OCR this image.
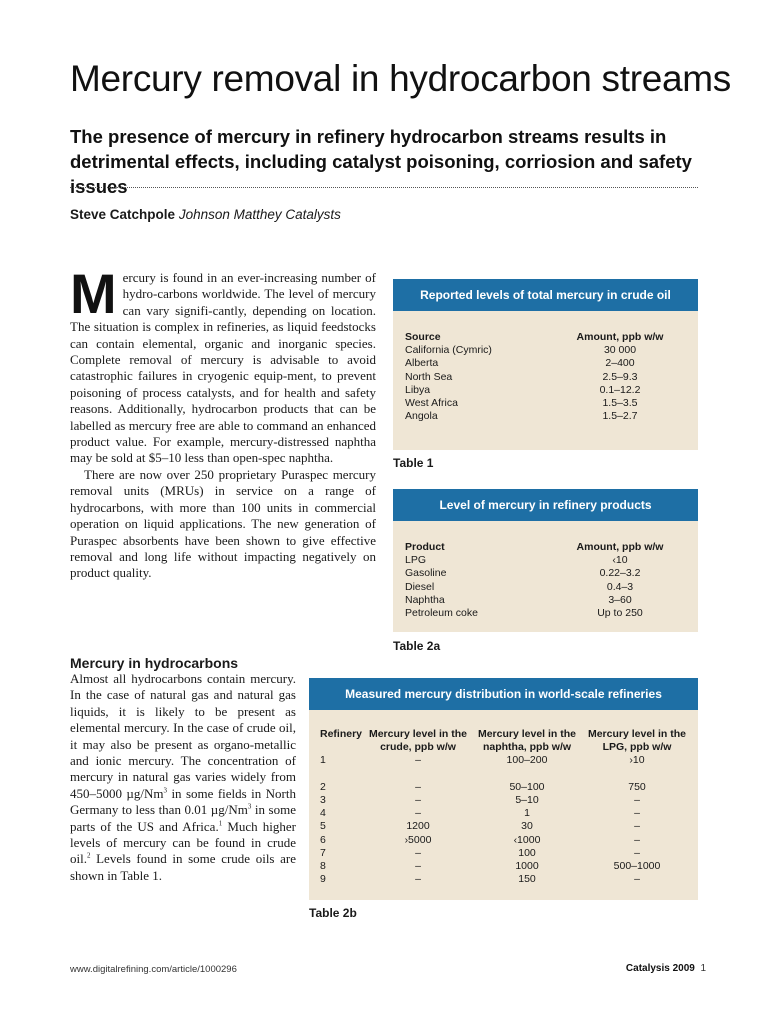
Mercury removal in hydrocarbon streams
The presence of mercury in refinery hydrocarbon streams results in detrimental effects, including catalyst poisoning, corriosion and safety issues
Steve Catchpole Johnson Matthey Catalysts

Mercury is found in an ever-increasing number of hydro-carbons worldwide. The level of mercury can vary signifi-cantly, depending on location. The situation is complex in refineries, as liquid feedstocks can contain elemental, organic and inorganic species. Complete removal of mercury is advisable to avoid catastrophic failures in cryogenic equip-ment, to prevent poisoning of process catalysts, and for health and safety reasons. Additionally, hydrocarbon products that can be labelled as mercury free are able to command an enhanced product value. For example, mercury-distressed naphtha may be sold at $5–10 less than open-spec naphtha.

There are now over 250 proprietary Puraspec mercury removal units (MRUs) in service on a range of hydrocarbons, with more than 100 units in commercial operation on liquid applications. The new generation of Puraspec absorbents have been shown to give effective removal and long life without impacting negatively on product quality.

Mercury in hydrocarbons

Almost all hydrocarbons contain mercury. In the case of natural gas and natural gas liquids, it is likely to be present as elemental mercury. In the case of crude oil, it may also be present as organo-metallic and ionic mercury. The concentration of mercury in natural gas varies widely from 450–5000 µg/Nm$^3$ in some fields in North Germany to less than 0.01 µg/Nm$^3$ in some parts of the US and Africa.$^1$ Much higher levels of mercury can be found in crude oil.$^2$ Levels found in some crude oils are shown in Table 1.

Reported levels of total mercury in crude oil
Source	Amount, ppb w/w
California (Cymric)	30 000
Alberta	2–400
North Sea	2.5–9.3
Libya	0.1–12.2
West Africa	1.5–3.5
Angola	1.5–2.7
Table 1
Level of mercury in refinery products
Product	Amount, ppb w/w
LPG	‹10
Gasoline	0.22–3.2
Diesel	0.4–3
Naphtha	3–60
Petroleum coke	Up to 250
Table 2a
Measured mercury distribution in world-scale refineries
Refinery	Mercury level in the crude, ppb w/w	Mercury level in the naphtha, ppb w/w	Mercury level in the LPG, ppb w/w
1	–	100–200	›10

2	–	50–100	750
3	–	5–10	–
4	–	1	–
5	1200	30	–
6	›5000	‹1000	–
7	–	100	–
8	–	1000	500–1000
9	–	150	–
Table 2b
www.digitalrefining.com/article/1000296	Catalysis 2009 1
